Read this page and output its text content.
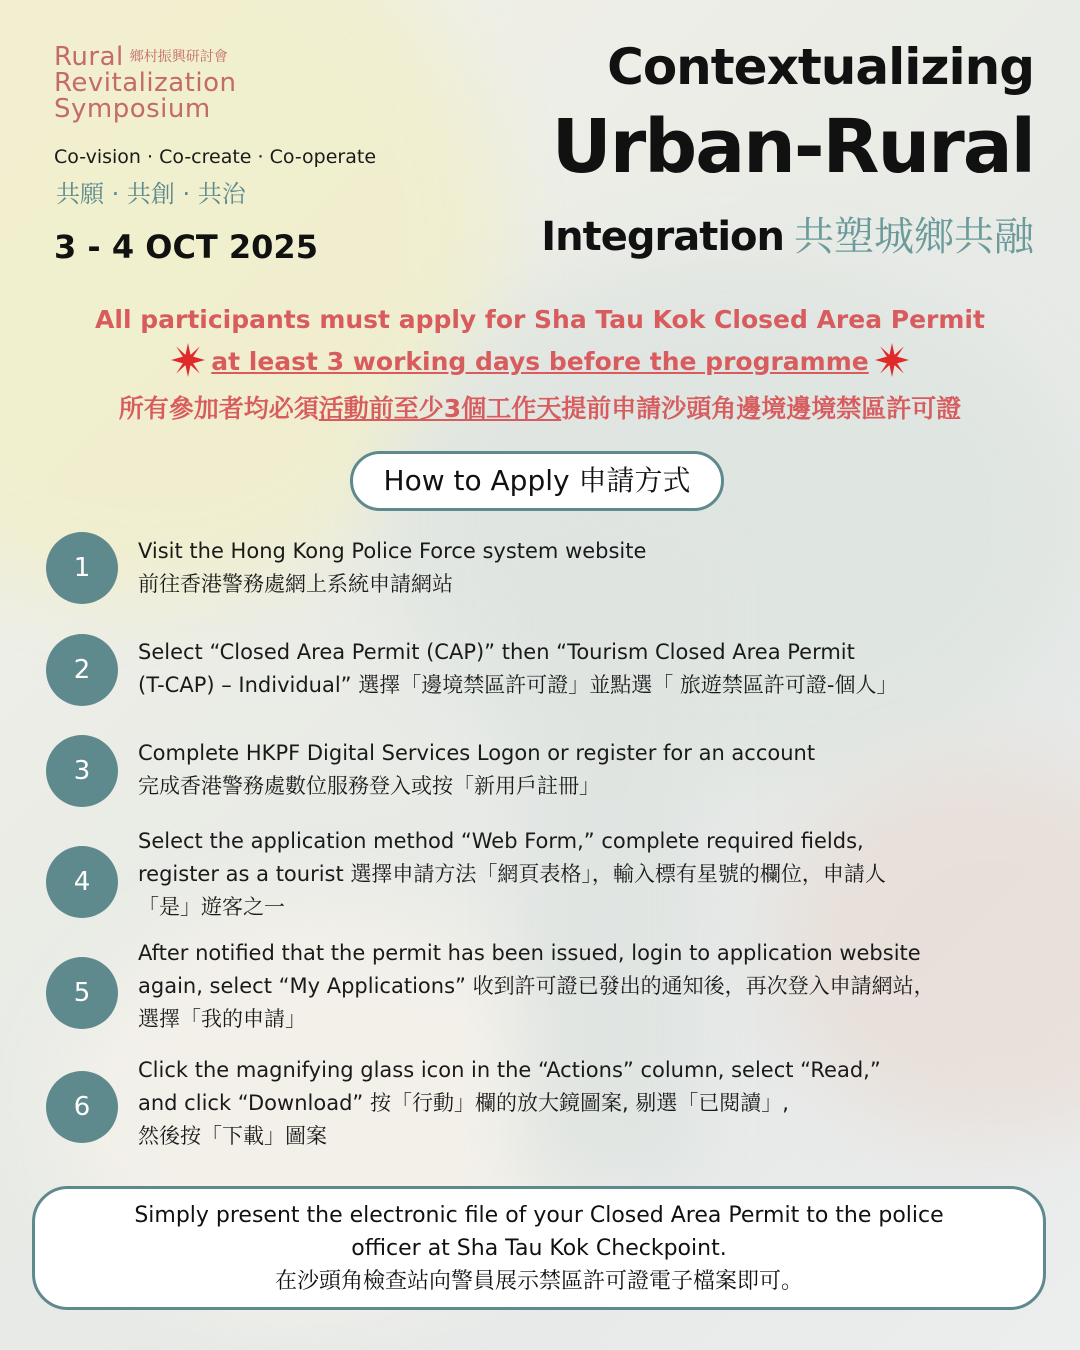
Rural 鄉村振興研討會
Revitalization
Symposium
Co-vision · Co-create · Co-operate
共願 · 共創 · 共治
3 - 4 OCT 2025
Contextualizing
Urban-Rural
Integration 共塑城鄉共融
All participants must apply for Sha Tau Kok Closed Area Permit
at least 3 working days before the programme
所有參加者均必須活動前至少3個工作天提前申請沙頭角邊境邊境禁區許可證
How to Apply 申請方式
1
Visit the Hong Kong Police Force system website
前往香港警務處網上系統申請網站
2
Select “Closed Area Permit (CAP)” then “Tourism Closed Area Permit
(T-CAP) – Individual” 選擇「邊境禁區許可證」並點選「 旅遊禁區許可證-個人」
3
Complete HKPF Digital Services Logon or register for an account
完成香港警務處數位服務登入或按「新用戶註冊」
4
Select the application method “Web Form,” complete required fields,
register as a tourist 選擇申請方法「網頁表格」，輸入標有星號的欄位，申請人
「是」遊客之一
5
After notified that the permit has been issued, login to application website
again, select “My Applications” 收到許可證已發出的通知後，再次登入申請網站，
選擇「我的申請」
6
Click the magnifying glass icon in the “Actions” column, select “Read,”
and click “Download” 按「行動」欄的放大鏡圖案, 剔選「已閱讀」,
然後按「下載」圖案
Simply present the electronic file of your Closed Area Permit to the police
officer at Sha Tau Kok Checkpoint.
在沙頭角檢查站向警員展示禁區許可證電子檔案即可。
